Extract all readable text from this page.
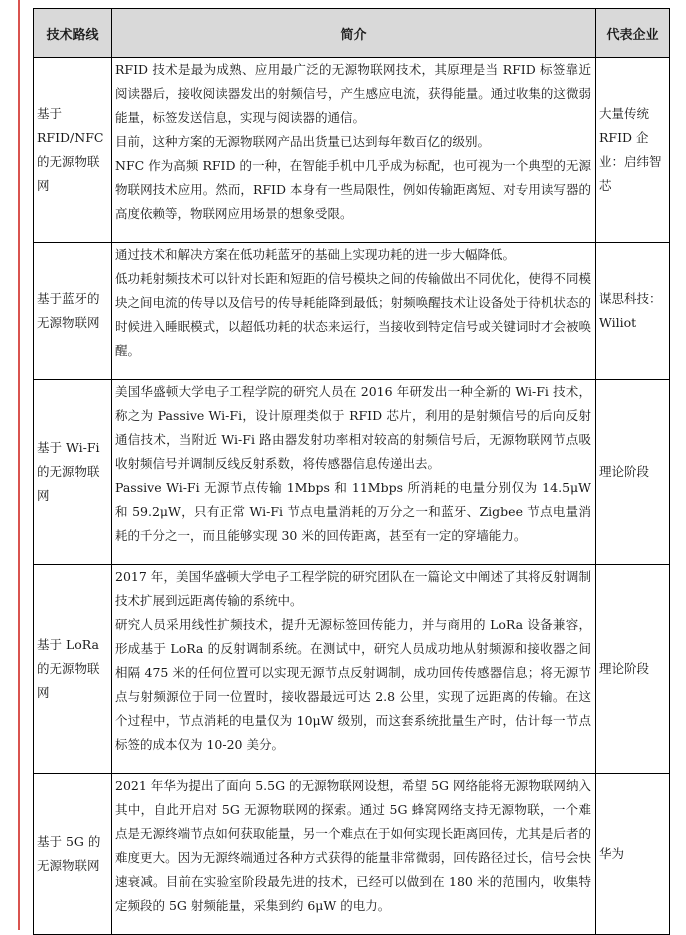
技术路线	简介	代表企业
基于 RFID/NFC 的无源物联网	RFID 技术是最为成熟、应用最广泛的无源物联网技术，其原理是当 RFID 标签靠近阅读器后，接收阅读器发出的射频信号，产生感应电流，获得能量。通过收集的这微弱能量，标签发送信息，实现与阅读器的通信。

目前，这种方案的无源物联网产品出货量已达到每年数百亿的级别。

NFC 作为高频 RFID 的一种，在智能手机中几乎成为标配，也可视为一个典型的无源物联网技术应用。然而，RFID 本身有一些局限性，例如传输距离短、对专用读写器的高度依赖等，物联网应用场景的想象受限。	大量传统 RFID 企业：启纬智芯
基于蓝牙的无源物联网	通过技术和解决方案在低功耗蓝牙的基础上实现功耗的进一步大幅降低。

低功耗射频技术可以针对长距和短距的信号模块之间的传输做出不同优化，使得不同模块之间电流的传导以及信号的传导耗能降到最低；射频唤醒技术让设备处于待机状态的时候进入睡眠模式，以超低功耗的状态来运行，当接收到特定信号或关键词时才会被唤醒。	谋思科技：Wiliot
基于 Wi-Fi 的无源物联网	美国华盛顿大学电子工程学院的研究人员在 2016 年研发出一种全新的 Wi-Fi 技术，称之为 Passive Wi-Fi，设计原理类似于 RFID 芯片，利用的是射频信号的后向反射通信技术，当附近 Wi-Fi 路由器发射功率相对较高的射频信号后，无源物联网节点吸收射频信号并调制反线反射系数，将传感器信息传递出去。

Passive Wi-Fi 无源节点传输 1Mbps 和 11Mbps 所消耗的电量分别仅为 14.5μW 和 59.2μW，只有正常 Wi-Fi 节点电量消耗的万分之一和蓝牙、Zigbee 节点电量消耗的千分之一，而且能够实现 30 米的回传距离，甚至有一定的穿墙能力。	理论阶段
基于 LoRa 的无源物联网	2017 年，美国华盛顿大学电子工程学院的研究团队在一篇论文中阐述了其将反射调制技术扩展到远距离传输的系统中。

研究人员采用线性扩频技术，提升无源标签回传能力，并与商用的 LoRa 设备兼容，形成基于 LoRa 的反射调制系统。在测试中，研究人员成功地从射频源和接收器之间相隔 475 米的任何位置可以实现无源节点反射调制，成功回传传感器信息；将无源节点与射频源位于同一位置时，接收器最远可达 2.8 公里，实现了远距离的传输。在这个过程中，节点消耗的电量仅为 10μW 级别，而这套系统批量生产时，估计每一节点标签的成本仅为 10-20 美分。	理论阶段
基于 5G 的无源物联网	2021 年华为提出了面向 5.5G 的无源物联网设想，希望 5G 网络能将无源物联网纳入其中，自此开启对 5G 无源物联网的探索。通过 5G 蜂窝网络支持无源物联，一个难点是无源终端节点如何获取能量，另一个难点在于如何实现长距离回传，尤其是后者的难度更大。因为无源终端通过各种方式获得的能量非常微弱，回传路径过长，信号会快速衰减。目前在实验室阶段最先进的技术，已经可以做到在 180 米的范围内，收集特定频段的 5G 射频能量，采集到约 6μW 的电力。	华为
